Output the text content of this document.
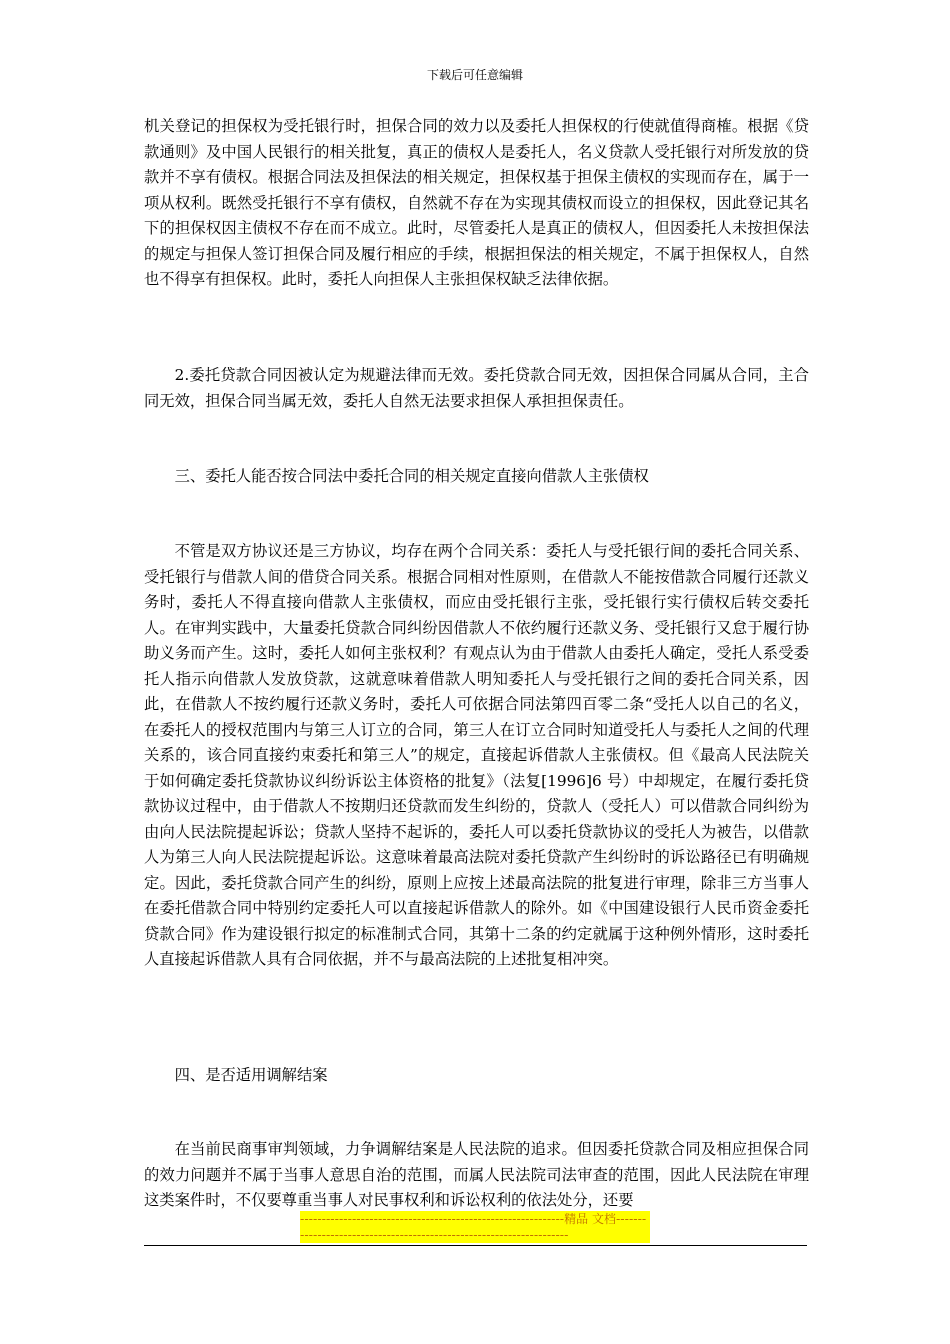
下载后可任意编辑

机关登记的担保权为受托银行时，担保合同的效力以及委托人担保权的行使就值得商榷。根据《贷款通则》及中国人民银行的相关批复，真正的债权人是委托人，名义贷款人受托银行对所发放的贷款并不享有债权。根据合同法及担保法的相关规定，担保权基于担保主债权的实现而存在，属于一项从权利。既然受托银行不享有债权，自然就不存在为实现其债权而设立的担保权，因此登记其名下的担保权因主债权不存在而不成立。此时，尽管委托人是真正的债权人，但因委托人未按担保法的规定与担保人签订担保合同及履行相应的手续，根据担保法的相关规定，不属于担保权人，自然也不得享有担保权。此时，委托人向担保人主张担保权缺乏法律依据。

2.委托贷款合同因被认定为规避法律而无效。委托贷款合同无效，因担保合同属从合同，主合同无效，担保合同当属无效，委托人自然无法要求担保人承担担保责任。

三、委托人能否按合同法中委托合同的相关规定直接向借款人主张债权

不管是双方协议还是三方协议，均存在两个合同关系：委托人与受托银行间的委托合同关系、受托银行与借款人间的借贷合同关系。根据合同相对性原则，在借款人不能按借款合同履行还款义务时，委托人不得直接向借款人主张债权，而应由受托银行主张，受托银行实行债权后转交委托人。在审判实践中，大量委托贷款合同纠纷因借款人不依约履行还款义务、受托银行又怠于履行协助义务而产生。这时，委托人如何主张权利？有观点认为由于借款人由委托人确定，受托人系受委托人指示向借款人发放贷款，这就意味着借款人明知委托人与受托银行之间的委托合同关系，因此，在借款人不按约履行还款义务时，委托人可依据合同法第四百零二条“受托人以自己的名义，在委托人的授权范围内与第三人订立的合同，第三人在订立合同时知道受托人与委托人之间的代理关系的，该合同直接约束委托和第三人”的规定，直接起诉借款人主张债权。但《最高人民法院关于如何确定委托贷款协议纠纷诉讼主体资格的批复》（法复[1996]6 号）中却规定，在履行委托贷款协议过程中，由于借款人不按期归还贷款而发生纠纷的，贷款人（受托人）可以借款合同纠纷为由向人民法院提起诉讼；贷款人坚持不起诉的，委托人可以委托贷款协议的受托人为被告，以借款人为第三人向人民法院提起诉讼。这意味着最高法院对委托贷款产生纠纷时的诉讼路径已有明确规定。因此，委托贷款合同产生的纠纷，原则上应按上述最高法院的批复进行审理，除非三方当事人在委托借款合同中特别约定委托人可以直接起诉借款人的除外。如《中国建设银行人民币资金委托贷款合同》作为建设银行拟定的标准制式合同，其第十二条的约定就属于这种例外情形，这时委托人直接起诉借款人具有合同依据，并不与最高法院的上述批复相冲突。

四、是否适用调解结案

在当前民商事审判领域，力争调解结案是人民法院的追求。但因委托贷款合同及相应担保合同的效力问题并不属于当事人意思自治的范围，而属人民法院司法审查的范围，因此人民法院在审理这类案件时，不仅要尊重当事人对民事权利和诉讼权利的依法处分，还要

-------------------------------------------------------------精品 文档---------------------------------------------------------------------
